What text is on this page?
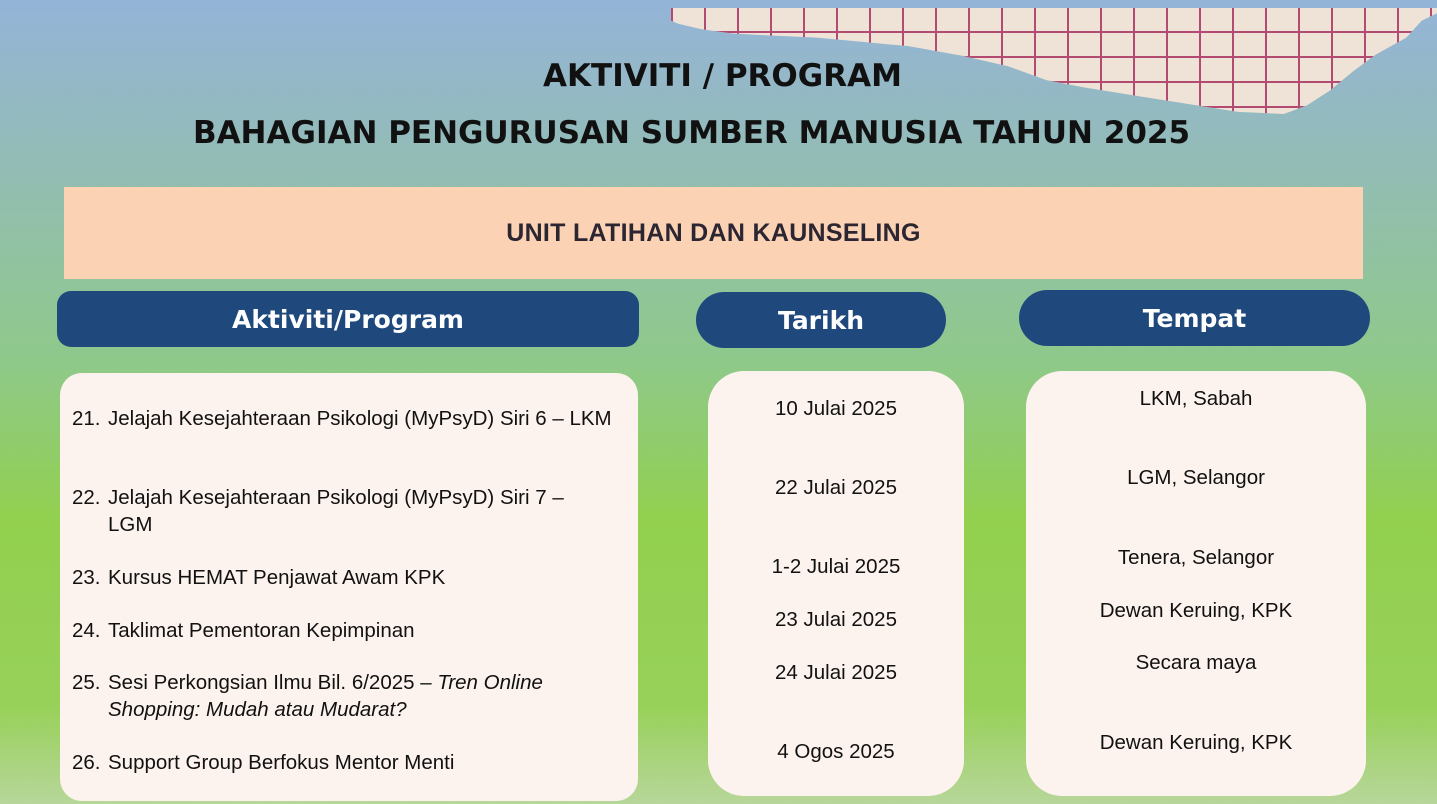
AKTIVITI / PROGRAM
BAHAGIAN PENGURUSAN SUMBER MANUSIA TAHUN 2025
UNIT LATIHAN DAN KAUNSELING
Aktiviti/Program	Tarikh	Tempat
21. Jelajah Kesejahteraan Psikologi (MyPsyD) Siri 6 – LKM
22. Jelajah Kesejahteraan Psikologi (MyPsyD) Siri 7 – LGM
23. Kursus HEMAT Penjawat Awam KPK
24. Taklimat Pementoran Kepimpinan
25. Sesi Perkongsian Ilmu Bil. 6/2025 – Tren Online Shopping: Mudah atau Mudarat?
26. Support Group Berfokus Mentor Menti
10 Julai 2025
22 Julai 2025
1-2 Julai 2025
23 Julai 2025
24 Julai 2025
4 Ogos 2025
LKM, Sabah
LGM, Selangor
Tenera, Selangor
Dewan Keruing, KPK
Secara maya
Dewan Keruing, KPK
